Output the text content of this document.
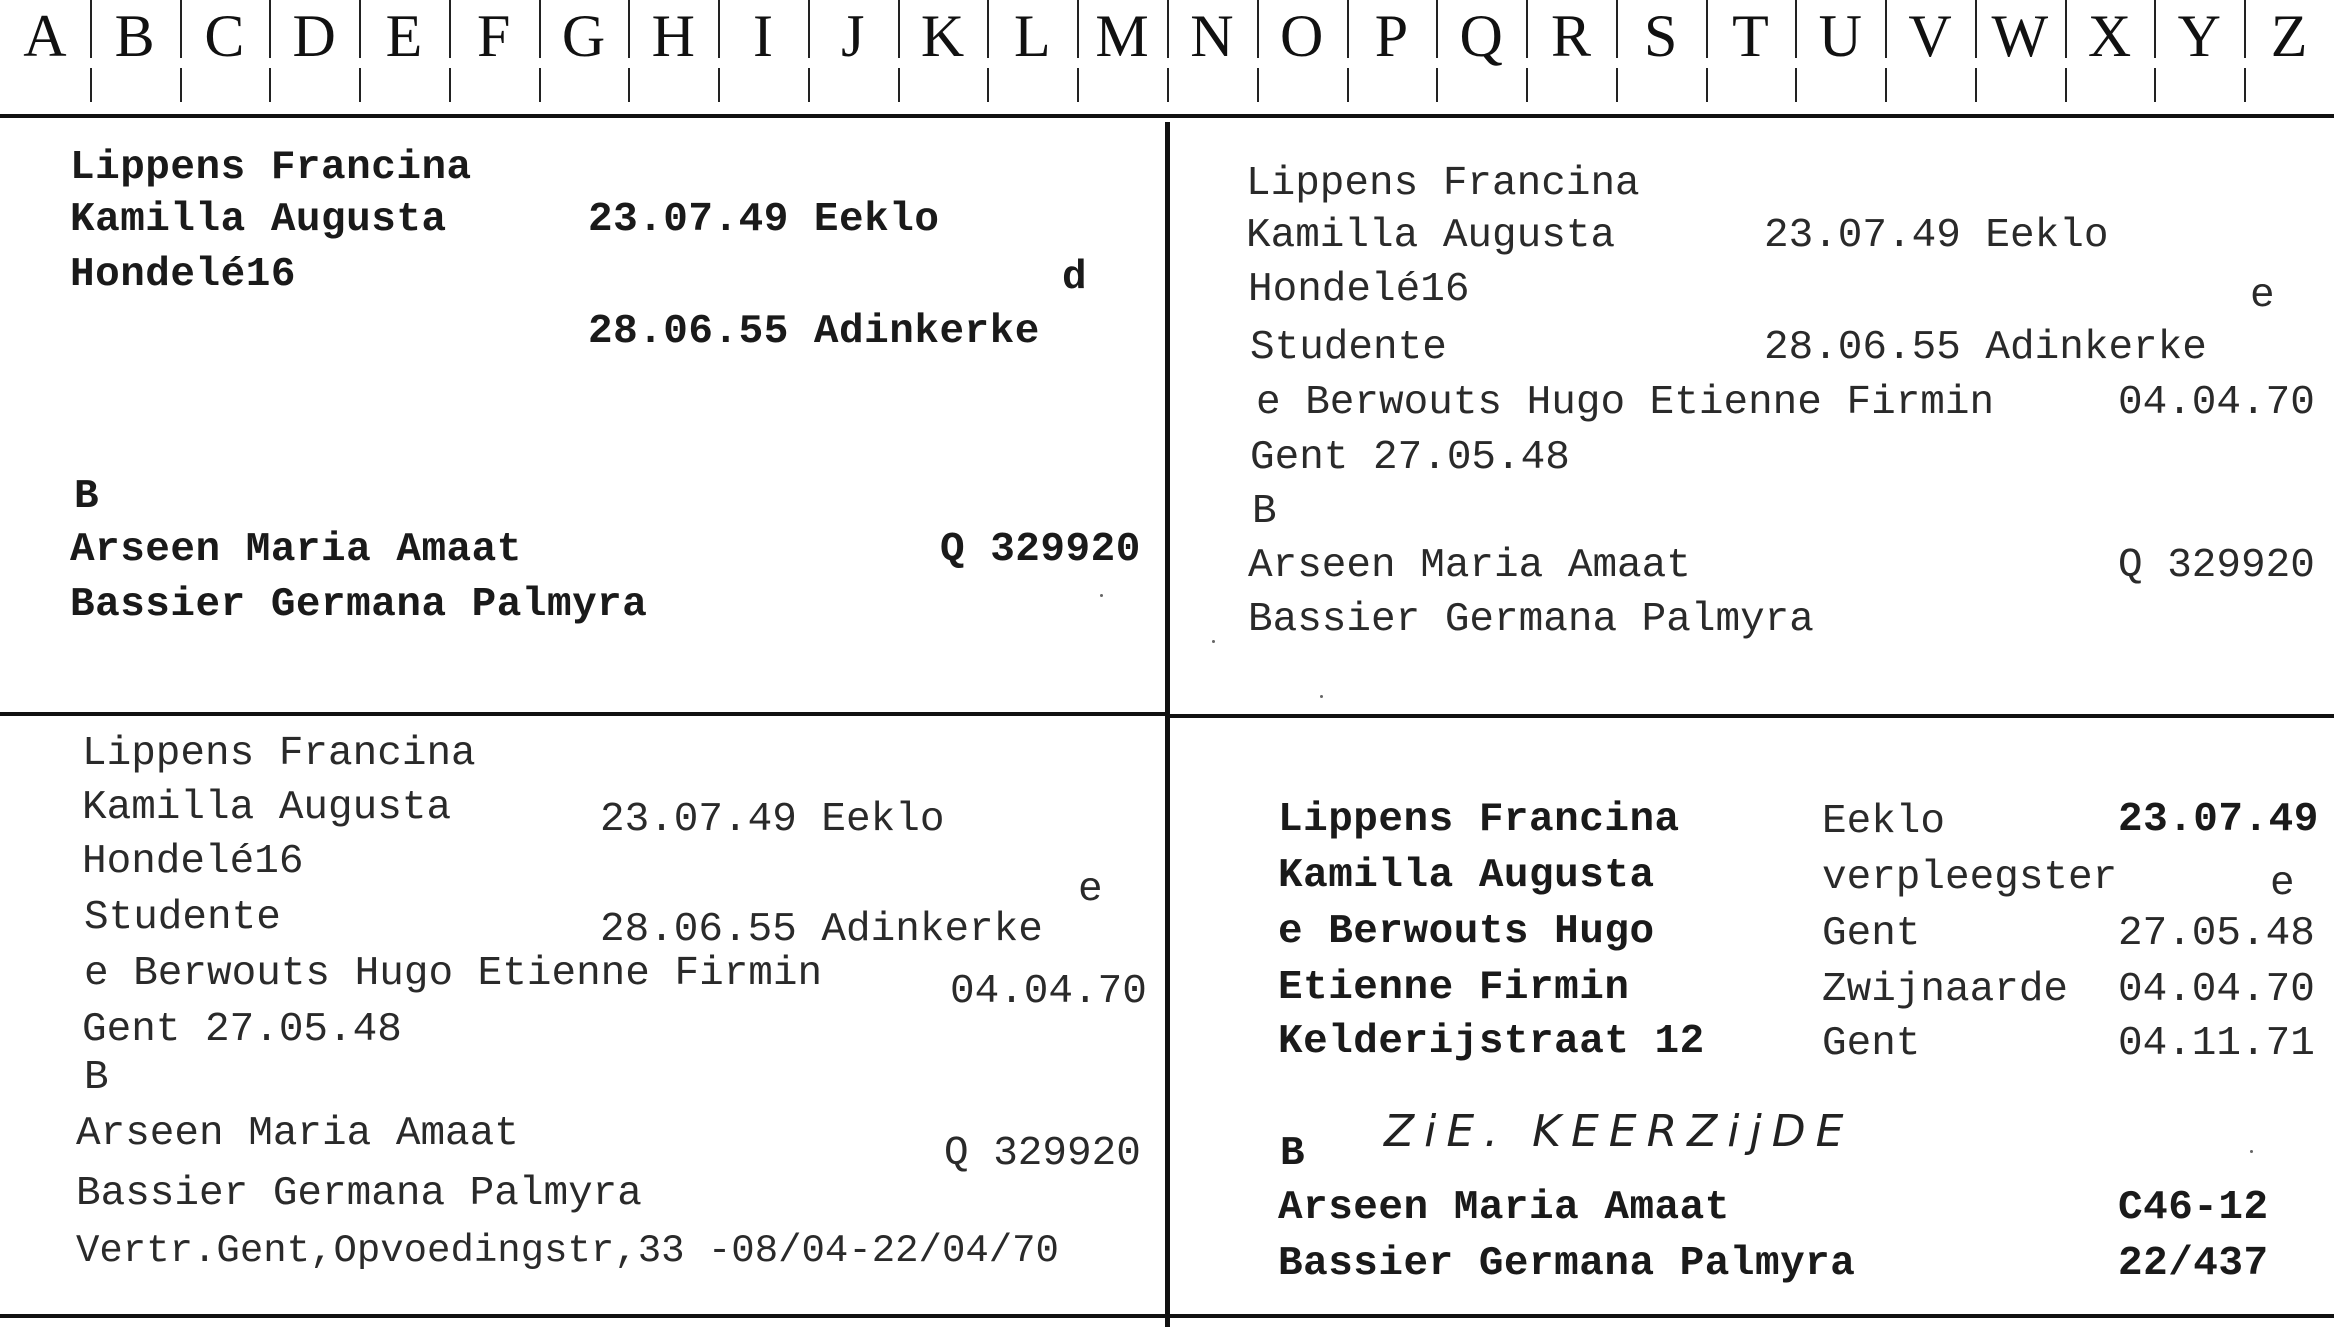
A B C D E F G H I J K L M N O P Q R S T U V W X Y Z
Lippens Francina
Kamilla Augusta	23.07.49 Eeklo
Hondelé16	d
28.06.55 Adinkerke
B
Arseen Maria Amaat	Q 329920
Bassier Germana Palmyra
Lippens Francina
Kamilla Augusta	23.07.49 Eeklo
Hondelé16	e
Studente	28.06.55 Adinkerke
e Berwouts Hugo Etienne Firmin	04.04.70
Gent 27.05.48
B
Arseen Maria Amaat	Q 329920
Bassier Germana Palmyra
Lippens Francina
Kamilla Augusta	23.07.49 Eeklo
Hondelé16
e
Studente	28.06.55 Adinkerke
e Berwouts Hugo Etienne Firmin	04.04.70
Gent 27.05.48
B
Arseen Maria Amaat	Q 329920
Bassier Germana Palmyra
Vertr.Gent,Opvoedingstr,33 -08/04-22/04/70
Lippens Francina	Eeklo	23.07.49
Kamilla Augusta	verpleegster	e
e Berwouts Hugo	Gent	27.05.48
Etienne Firmin	Zwijnaarde 04.04.70
Kelderijstraat 12	Gent	04.11.71
B ZiE. KEERZijDE
Arseen Maria Amaat	C46-12
Bassier Germana Palmyra	22/437
